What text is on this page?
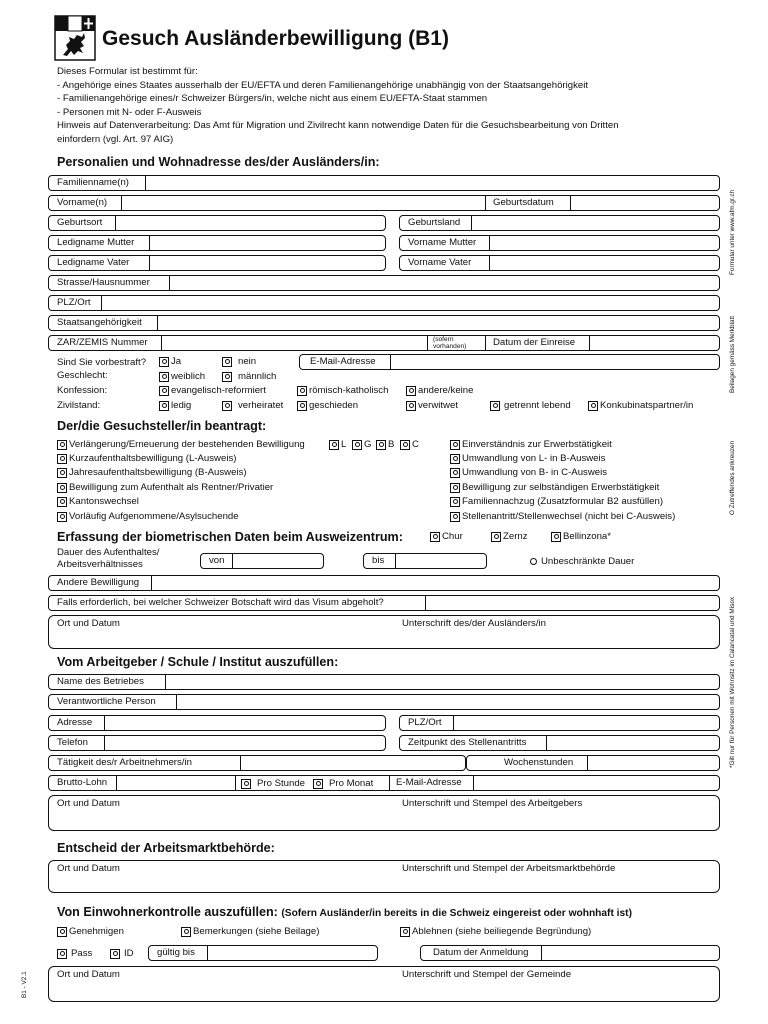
Gesuch Ausländerbewilligung (B1)
Dieses Formular ist bestimmt für:
- Angehörige eines Staates ausserhalb der EU/EFTA und deren Familienangehörige unabhängig von der Staatsangehörigkeit
- Familienangehörige eines/r Schweizer Bürgers/in, welche nicht aus einem EU/EFTA-Staat stammen
- Personen mit N- oder F-Ausweis
Hinweis auf Datenverarbeitung: Das Amt für Migration und Zivilrecht kann notwendige Daten für die Gesuchsbearbeitung von Dritten
einfordern (vgl. Art. 97 AIG)
Personalien und Wohnadresse des/der Ausländers/in:
Familienname(n)
Vorname(n)	Geburtsdatum
Geburtsort	Geburtsland
Ledigname Mutter	Vorname Mutter
Ledigname Vater	Vorname Vater
Strasse/Hausnummer
PLZ/Ort
Staatsangehörigkeit
ZAR/ZEMIS Nummer	(sofern
vorhanden)	Datum der Einreise
Sind Sie vorbestraft?	Ja	nein	E-Mail-Adresse
Geschlecht:	weiblich	männlich
Konfession:	evangelisch-reformiert	römisch-katholisch	andere/keine
Zivilstand:	ledig	verheiratet	geschieden	verwitwet	getrennt lebend	Konkubinatspartner/in
Der/die Gesuchsteller/in beantragt:
Verlängerung/Erneuerung der bestehenden Bewilligung	L G B C
Kurzaufenthaltsbewilligung (L-Ausweis)
Jahresaufenthaltsbewilligung (B-Ausweis)
Bewilligung zum Aufenthalt als Rentner/Privatier
Kantonswechsel
Vorläufig Aufgenommene/Asylsuchende
Einverständnis zur Erwerbstätigkeit
Umwandlung von L- in B-Ausweis
Umwandlung von B- in C-Ausweis
Bewilligung zur selbständigen Erwerbstätigkeit
Familiennachzug (Zusatzformular B2 ausfüllen)
Stellenantritt/Stellenwechsel (nicht bei C-Ausweis)
Erfassung der biometrischen Daten beim Ausweizentrum:	Chur	Zernz	Bellinzona*
Dauer des Aufenthaltes/
Arbeitsverhältnisses	von	bis	Unbeschränkte Dauer
Andere Bewilligung
Falls erforderlich, bei welcher Schweizer Botschaft wird das Visum abgeholt?
Ort und Datum	Unterschrift des/der Ausländers/in
Vom Arbeitgeber / Schule / Institut auszufüllen:
Name des Betriebes
Verantwortliche Person
Adresse	PLZ/Ort
Telefon	Zeitpunkt des Stellenantritts
Tätigkeit des/r Arbeitnehmers/in	Wochenstunden
Brutto-Lohn	Pro Stunde Pro Monat E-Mail-Adresse
Ort und Datum	Unterschrift und Stempel des Arbeitgebers
Entscheid der Arbeitsmarktbehörde:
Ort und Datum	Unterschrift und Stempel der Arbeitsmarktbehörde
Von Einwohnerkontrolle auszufüllen: (Sofern Ausländer/in bereits in die Schweiz eingereist oder wohnhaft ist)
Genehmigen	Bemerkungen (siehe Beilage)	Ablehnen (siehe beiliegende Begründung)
Pass	ID gültig bis	Datum der Anmeldung
Ort und Datum	Unterschrift und Stempel der Gemeinde
Formular unter www.afm.gr.ch
Beilagen gemäss Merkblatt
O Zutreffendes ankreuzen
*Gilt nur für Personen mit Wohnsitz im Calancatal und Misox
B1 - V2.1
